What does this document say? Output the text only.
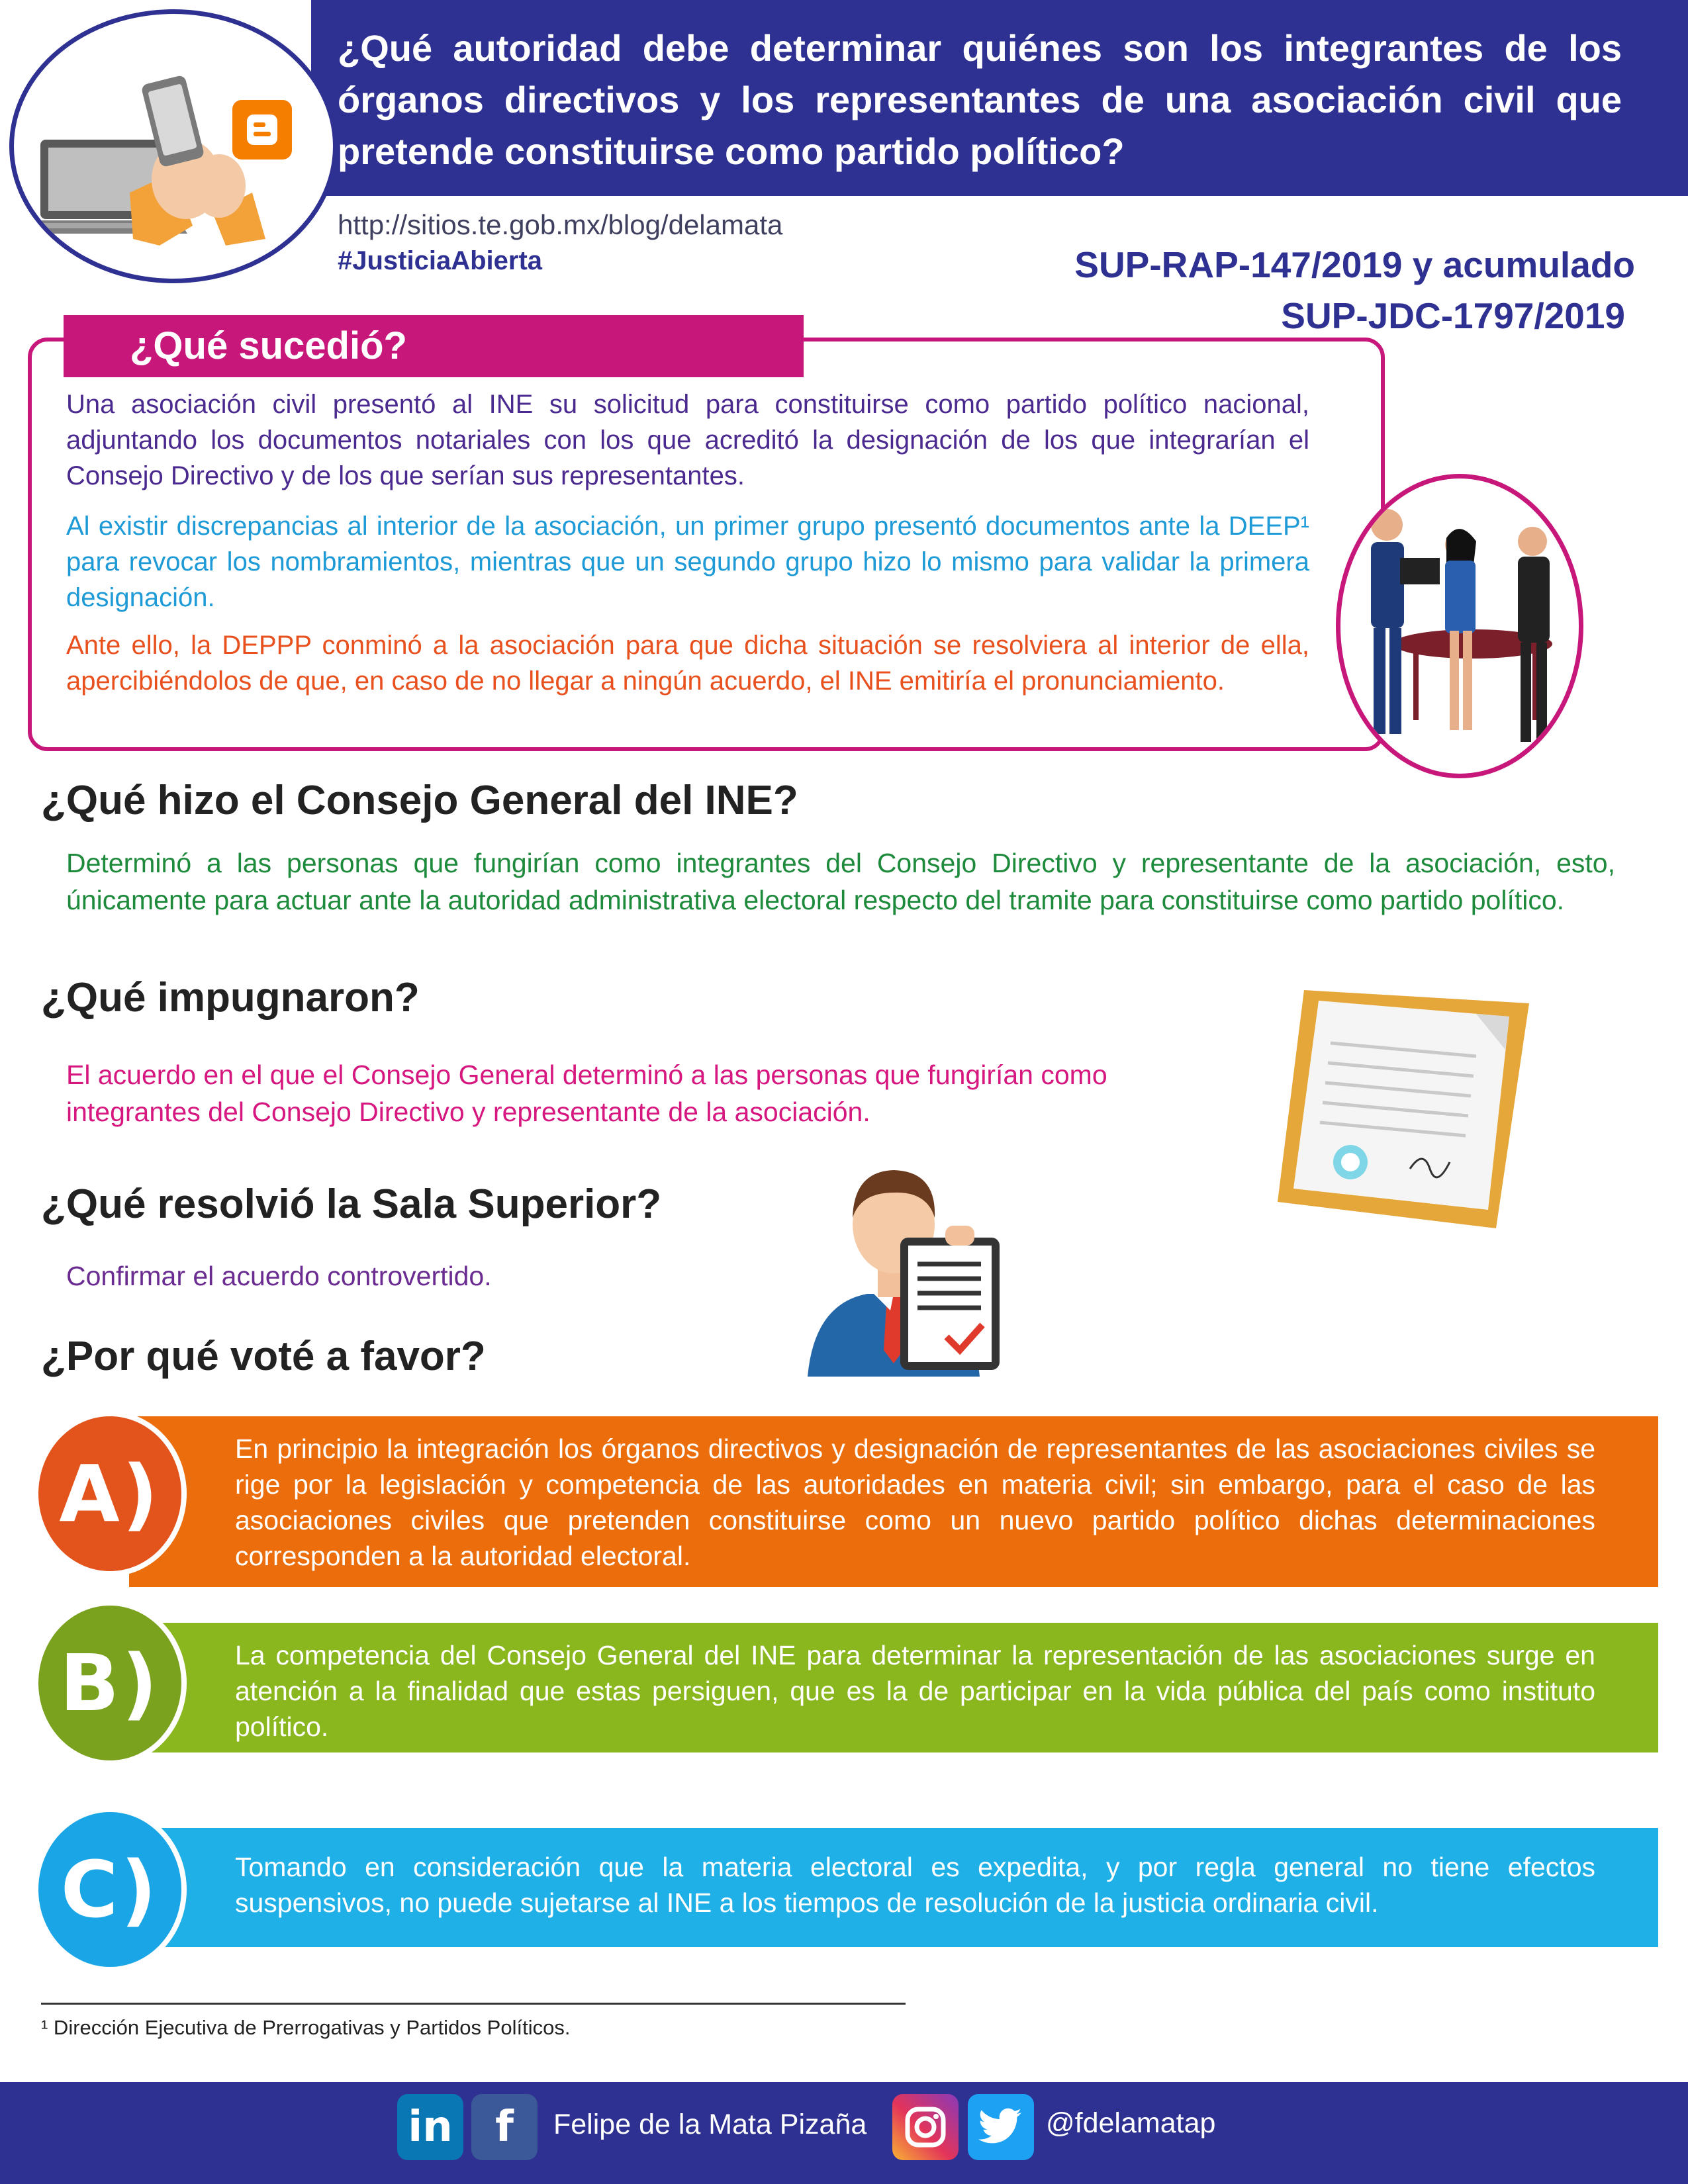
¿Qué autoridad debe determinar quiénes son los integrantes de los órganos directivos y los representantes de una asociación civil que pretende constituirse como partido político?
http://sitios.te.gob.mx/blog/delamata
#JusticiaAbierta	SUP-RAP-147/2019 y acumulado
SUP-JDC-1797/2019
¿Qué sucedió?

Una asociación civil presentó al INE su solicitud para constituirse como partido político nacional, adjuntando los documentos notariales con los que acreditó la designación de los que integrarían el Consejo Directivo y de los que serían sus representantes.

Al existir discrepancias al interior de la asociación, un primer grupo presentó documentos ante la DEEP¹ para revocar los nombramientos, mientras que un segundo grupo hizo lo mismo para validar la primera designación.

Ante ello, la DEPPP conminó a la asociación para que dicha situación se resolviera al interior de ella, apercibiéndolos de que, en caso de no llegar a ningún acuerdo, el INE emitiría el pronunciamiento.

¿Qué hizo el Consejo General del INE?

Determinó a las personas que fungirían como integrantes del Consejo Directivo y representante de la asociación, esto, únicamente para actuar ante la autoridad administrativa electoral respecto del tramite para constituirse como partido político.

¿Qué impugnaron?

El acuerdo en el que el Consejo General determinó a las personas que fungirían como integrantes del Consejo Directivo y representante de la asociación.

¿Qué resolvió la Sala Superior?

Confirmar el acuerdo controvertido.

¿Por qué voté a favor?
En principio la integración los órganos directivos y designación de representantes de las asociaciones civiles se rige por la legislación y competencia de las autoridades en materia civil; sin embargo, para el caso de las asociaciones civiles que pretenden constituirse como un nuevo partido político dichas determinaciones corresponden a la autoridad electoral.
A)
La competencia del Consejo General del INE para determinar la representación de las asociaciones surge en atención a la finalidad que estas persiguen, que es la de participar en la vida pública del país como instituto político.
B)
Tomando en consideración que la materia electoral es expedita, y por regla general no tiene efectos suspensivos, no puede sujetarse al INE a los tiempos de resolución de la justicia ordinaria civil.
C)
¹ Dirección Ejecutiva de Prerrogativas y Partidos Políticos.
in	f	Felipe de la Mata Pizaña	@fdelamatap
